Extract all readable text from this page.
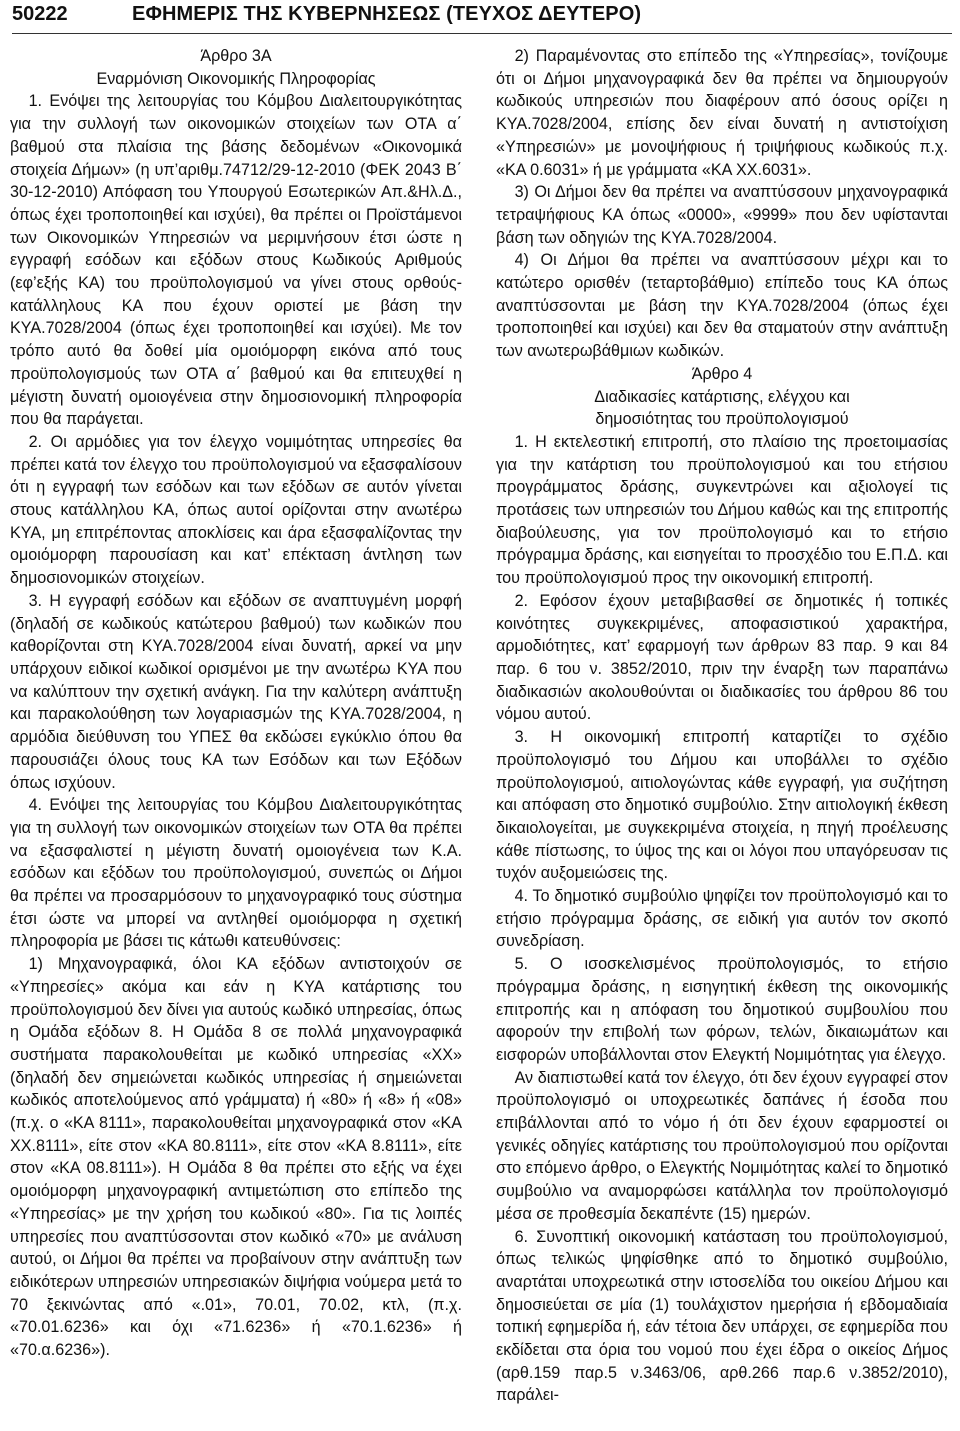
50222	ΕΦΗΜΕΡΙΣ ΤΗΣ ΚΥΒΕΡΝΗΣΕΩΣ (ΤΕΥΧΟΣ ΔΕΥΤΕΡΟ)

Άρθρο 3Α

Εναρμόνιση Οικονομικής Πληροφορίας

1. Ενόψει της λειτουργίας του Κόμβου Διαλειτουργικότητας για την συλλογή των οικονομικών στοιχείων των ΟΤΑ α΄ βαθμού στα πλαίσια της βάσης δεδομένων «Οικονομικά στοιχεία Δήμων» (η υπ’αριθμ.74712/29-12-2010 (ΦΕΚ 2043 Β΄ 30-12-2010) Απόφαση του Υπουργού Εσωτερικών Απ.&Ηλ.Δ., όπως έχει τροποποιηθεί και ισχύει), θα πρέπει οι Προϊστάμενοι των Οικονομικών Υπηρεσιών να μεριμνήσουν έτσι ώστε η εγγραφή εσόδων και εξόδων στους Κωδικούς Αριθμούς (εφ’εξής ΚΑ) του προϋπολογισμού να γίνει στους ορθούς-κατάλληλους ΚΑ που έχουν οριστεί με βάση την ΚΥΑ.7028/2004 (όπως έχει τροποποιηθεί και ισχύει). Με τον τρόπο αυτό θα δοθεί μία ομοιόμορφη εικόνα από τους προϋπολογισμούς των ΟΤΑ α΄ βαθμού και θα επιτευχθεί η μέγιστη δυνατή ομοιογένεια στην δημοσιονομική πληροφορία που θα παράγεται.

2. Οι αρμόδιες για τον έλεγχο νομιμότητας υπηρεσίες θα πρέπει κατά τον έλεγχο του προϋπολογισμού να εξασφαλίσουν ότι η εγγραφή των εσόδων και των εξόδων σε αυτόν γίνεται στους κατάλληλου ΚΑ, όπως αυτοί ορίζονται στην ανωτέρω ΚΥΑ, μη επιτρέποντας αποκλίσεις και άρα εξασφαλίζοντας την ομοιόμορφη παρουσίαση και κατ’ επέκταση άντληση των δημοσιονομικών στοιχείων.

3. Η εγγραφή εσόδων και εξόδων σε αναπτυγμένη μορφή (δηλαδή σε κωδικούς κατώτερου βαθμού) των κωδικών που καθορίζονται στη ΚΥΑ.7028/2004 είναι δυνατή, αρκεί να μην υπάρχουν ειδικοί κωδικοί ορισμένοι με την ανωτέρω ΚΥΑ που να καλύπτουν την σχετική ανάγκη. Για την καλύτερη ανάπτυξη και παρακολούθηση των λογαριασμών της ΚΥΑ.7028/2004, η αρμόδια διεύθυνση του ΥΠΕΣ θα εκδώσει εγκύκλιο όπου θα παρουσιάζει όλους τους ΚΑ των Εσόδων και των Εξόδων όπως ισχύουν.

4. Ενόψει της λειτουργίας του Κόμβου Διαλειτουργικότητας για τη συλλογή των οικονομικών στοιχείων των ΟΤΑ θα πρέπει να εξασφαλιστεί η μέγιστη δυνατή ομοιογένεια των Κ.Α. εσόδων και εξόδων του προϋπολογισμού, συνεπώς οι Δήμοι θα πρέπει να προσαρμόσουν το μηχανογραφικό τους σύστημα έτσι ώστε να μπορεί να αντληθεί ομοιόμορφα η σχετική πληροφορία με βάσει τις κάτωθι κατευθύνσεις:

1) Μηχανογραφικά, όλοι ΚΑ εξόδων αντιστοιχούν σε «Υπηρεσίες» ακόμα και εάν η ΚΥΑ κατάρτισης του προϋπολογισμού δεν δίνει για αυτούς κωδικό υπηρεσίας, όπως η Ομάδα εξόδων 8. Η Ομάδα 8 σε πολλά μηχανογραφικά συστήματα παρακολουθείται με κωδικό υπηρεσίας «ΧΧ» (δηλαδή δεν σημειώνεται κωδικός υπηρεσίας ή σημειώνεται κωδικός αποτελούμενος από γράμματα) ή «80» ή «8» ή «08» (π.χ. ο «ΚΑ 8111», παρακολουθείται μηχανογραφικά στον «ΚΑ ΧΧ.8111», είτε στον «ΚΑ 80.8111», είτε στον «ΚΑ 8.8111», είτε στον «ΚΑ 08.8111»). Η Ομάδα 8 θα πρέπει στο εξής να έχει ομοιόμορφη μηχανογραφική αντιμετώπιση στο επίπεδο της «Υπηρεσίας» με την χρήση του κωδικού «80». Για τις λοιπές υπηρεσίες που αναπτύσσονται στον κωδικό «70» με ανάλυση αυτού, οι Δήμοι θα πρέπει να προβαίνουν στην ανάπτυξη των ειδικότερων υπηρεσιών υπηρεσιακών διψήφια νούμερα μετά το 70 ξεκινώντας από «.01», 70.01, 70.02, κτλ, (π.χ. «70.01.6236» και όχι «71.6236» ή «70.1.6236» ή «70.α.6236»).

2) Παραμένοντας στο επίπεδο της «Υπηρεσίας», τονίζουμε ότι οι Δήμοι μηχανογραφικά δεν θα πρέπει να δημιουργούν κωδικούς υπηρεσιών που διαφέρουν από όσους ορίζει η ΚΥΑ.7028/2004, επίσης δεν είναι δυνατή η αντιστοίχιση «Υπηρεσιών» με μονοψήφιους ή τριψήφιους κωδικούς π.χ. «ΚΑ 0.6031» ή με γράμματα «ΚΑ ΧΧ.6031».

3) Οι Δήμοι δεν θα πρέπει να αναπτύσσουν μηχανογραφικά τετραψήφιους ΚΑ όπως «0000», «9999» που δεν υφίστανται βάση των οδηγιών της ΚΥΑ.7028/2004.

4) Οι Δήμοι θα πρέπει να αναπτύσσουν μέχρι και το κατώτερο ορισθέν (τεταρτοβάθμιο) επίπεδο τους ΚΑ όπως αναπτύσσονται με βάση την ΚΥΑ.7028/2004 (όπως έχει τροποποιηθεί και ισχύει) και δεν θα σταματούν στην ανάπτυξη των ανωτερωβάθμιων κωδικών.

Άρθρο 4

Διαδικασίες κατάρτισης, ελέγχου και

δημοσιότητας του προϋπολογισμού

1. Η εκτελεστική επιτροπή, στο πλαίσιο της προετοιμασίας για την κατάρτιση του προϋπολογισμού και του ετήσιου προγράμματος δράσης, συγκεντρώνει και αξιολογεί τις προτάσεις των υπηρεσιών του Δήμου καθώς και της επιτροπής διαβούλευσης, για τον προϋπολογισμό και το ετήσιο πρόγραμμα δράσης, και εισηγείται το προσχέδιο του Ε.Π.Δ. και του προϋπολογισμού προς την οικονομική επιτροπή.

2. Εφόσον έχουν μεταβιβασθεί σε δημοτικές ή τοπικές κοινότητες συγκεκριμένες, αποφασιστικού χαρακτήρα, αρμοδιότητες, κατ’ εφαρμογή των άρθρων 83 παρ. 9 και 84 παρ. 6 του ν. 3852/2010, πριν την έναρξη των παραπάνω διαδικασιών ακολουθούνται οι διαδικασίες του άρθρου 86 του νόμου αυτού.

3. Η οικονομική επιτροπή καταρτίζει το σχέδιο προϋπολογισμό του Δήμου και υποβάλλει το σχέδιο προϋπολογισμού, αιτιολογώντας κάθε εγγραφή, για συζήτηση και απόφαση στο δημοτικό συμβούλιο. Στην αιτιολογική έκθεση δικαιολογείται, με συγκεκριμένα στοιχεία, η πηγή προέλευσης κάθε πίστωσης, το ύψος της και οι λόγοι που υπαγόρευσαν τις τυχόν αυξομειώσεις της.

4. Το δημοτικό συμβούλιο ψηφίζει τον προϋπολογισμό και το ετήσιο πρόγραμμα δράσης, σε ειδική για αυτόν τον σκοπό συνεδρίαση.

5. Ο ισοσκελισμένος προϋπολογισμός, το ετήσιο πρόγραμμα δράσης, η εισηγητική έκθεση της οικονομικής επιτροπής και η απόφαση του δημοτικού συμβουλίου που αφορούν την επιβολή των φόρων, τελών, δικαιωμάτων και εισφορών υποβάλλονται στον Ελεγκτή Νομιμότητας για έλεγχο.

Αν διαπιστωθεί κατά τον έλεγχο, ότι δεν έχουν εγγραφεί στον προϋπολογισμό οι υποχρεωτικές δαπάνες ή έσοδα που επιβάλλονται από το νόμο ή ότι δεν έχουν εφαρμοστεί οι γενικές οδηγίες κατάρτισης του προϋπολογισμού που ορίζονται στο επόμενο άρθρο, ο Ελεγκτής Νομιμότητας καλεί το δημοτικό συμβούλιο να αναμορφώσει κατάλληλα τον προϋπολογισμό μέσα σε προθεσμία δεκαπέντε (15) ημερών.

6. Συνοπτική οικονομική κατάσταση του προϋπολογισμού, όπως τελικώς ψηφίσθηκε από το δημοτικό συμβούλιο, αναρτάται υποχρεωτικά στην ιστοσελίδα του οικείου Δήμου και δημοσιεύεται σε μία (1) τουλάχιστον ημερήσια ή εβδομαδιαία τοπική εφημερίδα ή, εάν τέτοια δεν υπάρχει, σε εφημερίδα που εκδίδεται στα όρια του νομού που έχει έδρα ο οικείος Δήμος (αρθ.159 παρ.5 ν.3463/06, αρθ.266 παρ.6 ν.3852/2010), παράλει-
